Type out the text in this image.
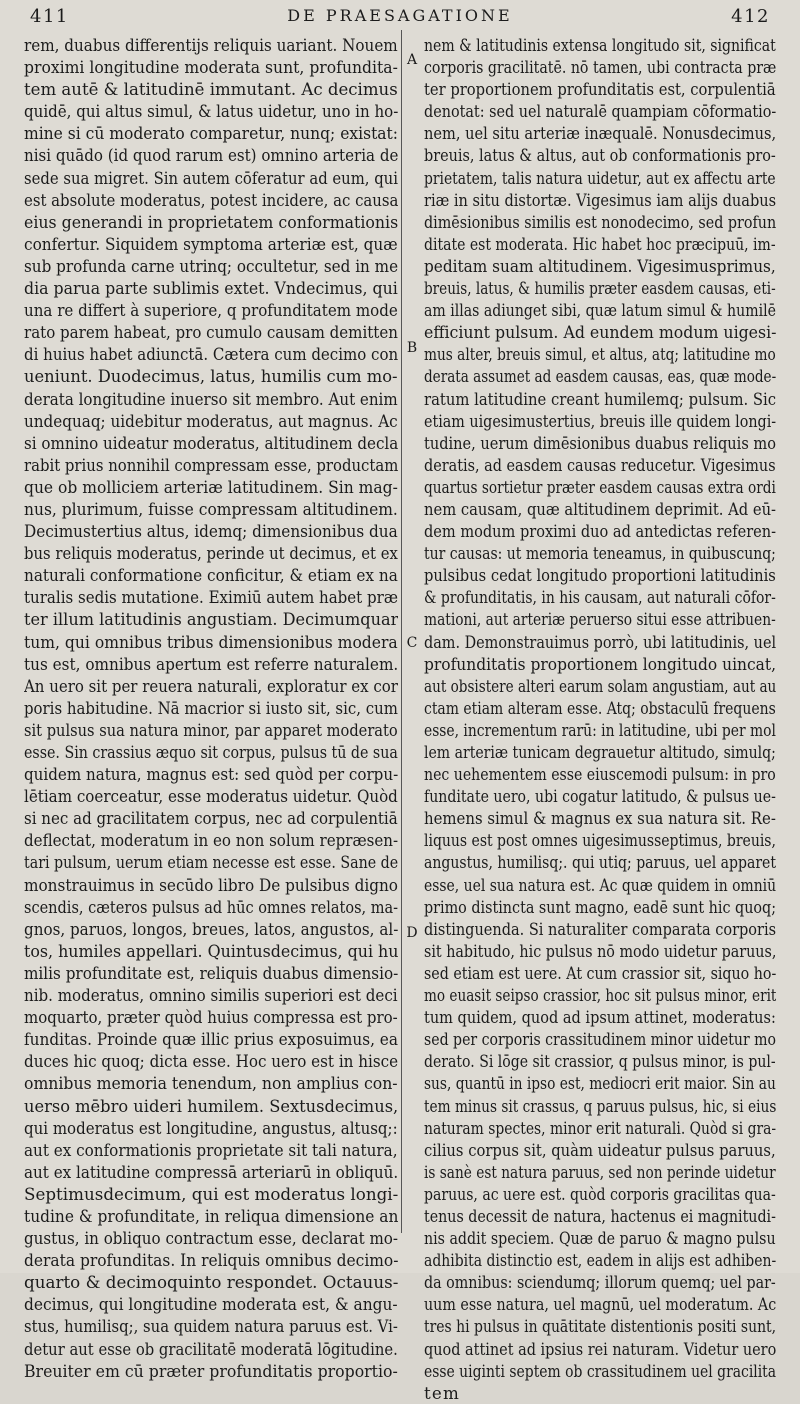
411	DE PRAESAGATIONE	412
rem, duabus differentijs reliquis uariant. Nouem
proximi longitudine moderata sunt, profundita-
tem autē & latitudinē immutant. Ac decimus
quidē, qui altus simul, & latus uidetur, uno in ho-
mine si cū moderato comparetur, nunq; existat:
nisi quādo (id quod rarum est) omnino arteria de
sede sua migret. Sin autem cōferatur ad eum, qui
est absolute moderatus, potest incidere, ac causa
eius generandi in proprietatem conformationis
confertur. Siquidem symptoma arteriæ est, quæ
sub profunda carne utrinq; occultetur, sed in me
dia parua parte sublimis extet. Vndecimus, qui
una re differt à superiore, q profunditatem mode
rato parem habeat, pro cumulo causam demitten
di huius habet adiunctā. Cætera cum decimo con
ueniunt. Duodecimus, latus, humilis cum mo-
derata longitudine inuerso sit membro. Aut enim
undequaq; uidebitur moderatus, aut magnus. Ac
si omnino uideatur moderatus, altitudinem decla
rabit prius nonnihil compressam esse, productam
que ob molliciem arteriæ latitudinem. Sin mag-
nus, plurimum, fuisse compressam altitudinem.
Decimustertius altus, idemq; dimensionibus dua
bus reliquis moderatus, perinde ut decimus, et ex
naturali conformatione conficitur, & etiam ex na
turalis sedis mutatione. Eximiū autem habet præ
ter illum latitudinis angustiam. Decimumquar
tum, qui omnibus tribus dimensionibus modera
tus est, omnibus apertum est referre naturalem.
An uero sit per reuera naturali, exploratur ex cor
poris habitudine. Nā macrior si iusto sit, sic, cum
sit pulsus sua natura minor, par apparet moderato
esse. Sin crassius æquo sit corpus, pulsus tū de sua
quidem natura, magnus est: sed quòd per corpu-
lētiam coerceatur, esse moderatus uidetur. Quòd
si nec ad gracilitatem corpus, nec ad corpulentiā
deflectat, moderatum in eo non solum repræsen-
tari pulsum, uerum etiam necesse est esse. Sane de
monstrauimus in secūdo libro De pulsibus digno
scendis, cæteros pulsus ad hūc omnes relatos, ma-
gnos, paruos, longos, breues, latos, angustos, al-
tos, humiles appellari. Quintusdecimus, qui hu
milis profunditate est, reliquis duabus dimensio-
nib. moderatus, omnino similis superiori est deci
moquarto, præter quòd huius compressa est pro-
funditas. Proinde quæ illic prius exposuimus, ea
duces hic quoq; dicta esse. Hoc uero est in hisce
omnibus memoria tenendum, non amplius con-
uerso mēbro uideri humilem. Sextusdecimus,
qui moderatus est longitudine, angustus, altusq;:
aut ex conformationis proprietate sit tali natura,
aut ex latitudine compressā arteriarū in obliquū.
Septimusdecimum, qui est moderatus longi-
tudine & profunditate, in reliqua dimensione an
gustus, in obliquo contractum esse, declarat mo-
derata profunditas. In reliquis omnibus decimo-
quarto & decimoquinto respondet. Octauus-
decimus, qui longitudine moderata est, & angu-
stus, humilisq;, sua quidem natura paruus est. Vi-
detur aut esse ob gracilitatē moderatā lōgitudine.
Breuiter em cū præter profunditatis proportio-
A
B
C
D
nem & latitudinis extensa longitudo sit, significat
corporis gracilitatē. nō tamen, ubi contracta præ
ter proportionem profunditatis est, corpulentiā
denotat: sed uel naturalē quampiam cōformatio-
nem, uel situ arteriæ inæqualē. Nonusdecimus,
breuis, latus & altus, aut ob conformationis pro-
prietatem, talis natura uidetur, aut ex affectu arte
riæ in situ distortæ. Vigesimus iam alijs duabus
dimēsionibus similis est nonodecimo, sed profun
ditate est moderata. Hic habet hoc præcipuū, im-
peditam suam altitudinem. Vigesimusprimus,
breuis, latus, & humilis præter easdem causas, eti-
am illas adiunget sibi, quæ latum simul & humilē
efficiunt pulsum. Ad eundem modum uigesi-
mus alter, breuis simul, et altus, atq; latitudine mo
derata assumet ad easdem causas, eas, quæ mode-
ratum latitudine creant humilemq; pulsum. Sic
etiam uigesimustertius, breuis ille quidem longi-
tudine, uerum dimēsionibus duabus reliquis mo
deratis, ad easdem causas reducetur. Vigesimus
quartus sortietur præter easdem causas extra ordi
nem causam, quæ altitudinem deprimit. Ad eū-
dem modum proximi duo ad antedictas referen-
tur causas: ut memoria teneamus, in quibuscunq;
pulsibus cedat longitudo proportioni latitudinis
& profunditatis, in his causam, aut naturali cōfor-
mationi, aut arteriæ peruerso situi esse attribuen-
dam. Demonstrauimus porrò, ubi latitudinis, uel
profunditatis proportionem longitudo uincat,
aut obsistere alteri earum solam angustiam, aut au
ctam etiam alteram esse. Atq; obstaculū frequens
esse, incrementum rarū: in latitudine, ubi per mol
lem arteriæ tunicam degrauetur altitudo, simulq;
nec uehementem esse eiuscemodi pulsum: in pro
funditate uero, ubi cogatur latitudo, & pulsus ue-
hemens simul & magnus ex sua natura sit. Re-
liquus est post omnes uigesimusseptimus, breuis,
angustus, humilisq;. qui utiq; paruus, uel apparet
esse, uel sua natura est. Ac quæ quidem in omniū
primo distincta sunt magno, eadē sunt hic quoq;
distinguenda. Si naturaliter comparata corporis
sit habitudo, hic pulsus nō modo uidetur paruus,
sed etiam est uere. At cum crassior sit, siquo ho-
mo euasit seipso crassior, hoc sit pulsus minor, erit
tum quidem, quod ad ipsum attinet, moderatus:
sed per corporis crassitudinem minor uidetur mo
derato. Si lōge sit crassior, q pulsus minor, is pul-
sus, quantū in ipso est, mediocri erit maior. Sin au
tem minus sit crassus, q paruus pulsus, hic, si eius
naturam spectes, minor erit naturali. Quòd si gra-
cilius corpus sit, quàm uideatur pulsus paruus,
is sanè est natura paruus, sed non perinde uidetur
paruus, ac uere est. quòd corporis gracilitas qua-
tenus decessit de natura, hactenus ei magnitudi-
nis addit speciem. Quæ de paruo & magno pulsu
adhibita distinctio est, eadem in alijs est adhiben-
da omnibus: sciendumq; illorum quemq; uel par-
uum esse natura, uel magnū, uel moderatum. Ac
tres hi pulsus in quātitate distentionis positi sunt,
quod attinet ad ipsius rei naturam. Videtur uero
esse uiginti septem ob crassitudinem uel gracilita
tem
